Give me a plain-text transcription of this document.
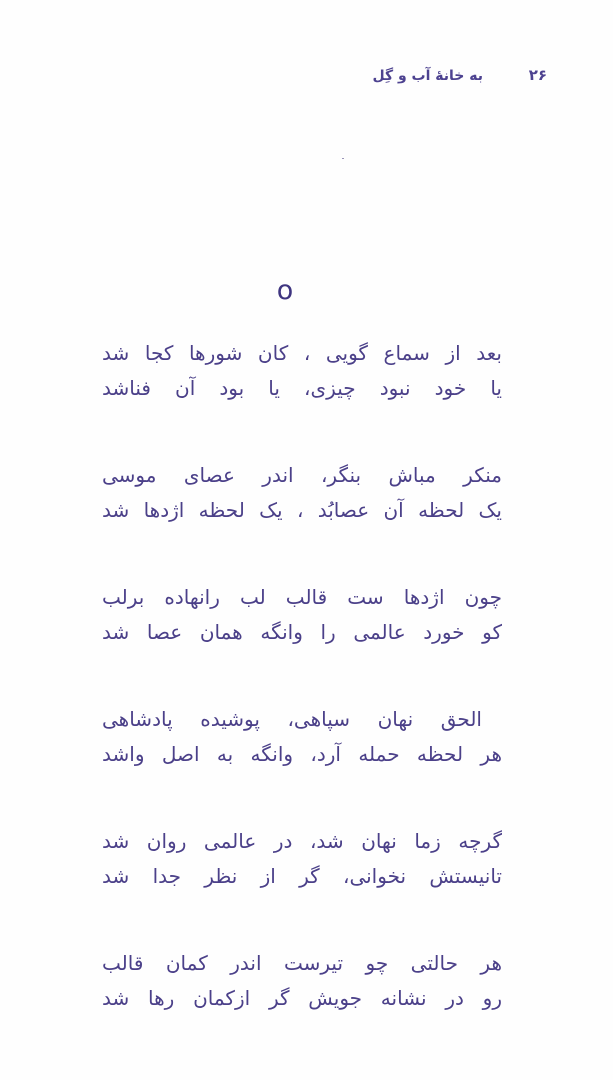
۲۶
به خانهٔ آب و گِل
o
بعد از سماع گویی ، کان شورها کجا شد
یا خود نبود چیزی، یا بود آن فناشد
منکر مباش بنگر، اندر عصای موسی
یک لحظه آن عصابُد ، یک لحظه اژدها شد
چون اژدها ست قالب لب رانهاده برلب
کو خورد عالمی را وانگه همان عصا شد
الحق نهان سپاهی، پوشیده پادشاهی
هر لحظه حمله آرد، وانگه به اصل واشد
گرچه زما نهان شد، در عالمی روان شد
تانیستش نخوانی، گر از نظر جدا شد
هر حالتی چو تیرست اندر کمان قالب
رو در نشانه جویش گر ازکمان رها شد
